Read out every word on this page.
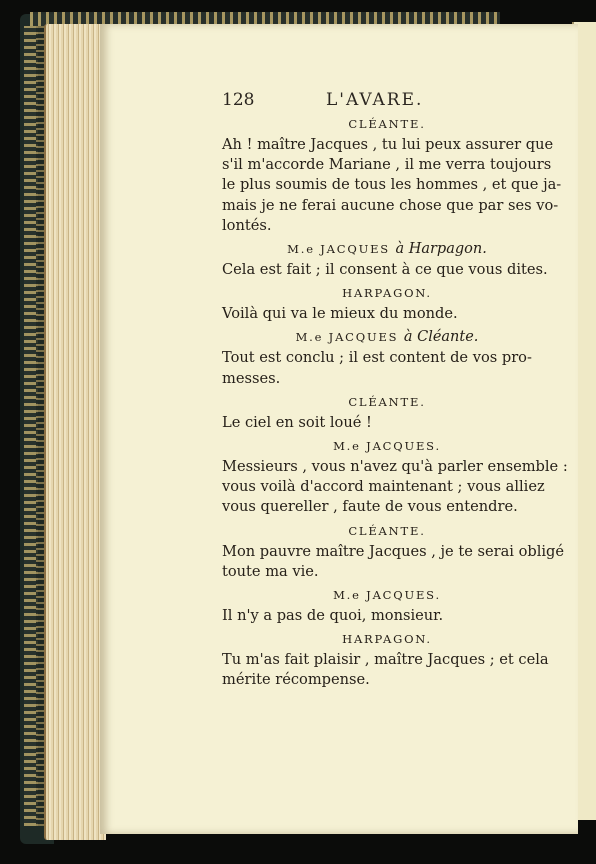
128	L'AVARE.

CLÉANTE.

Ah ! maître Jacques , tu lui peux assurer que
s'il m'accorde Mariane , il me verra toujours
le plus soumis de tous les hommes , et que ja-
mais je ne ferai aucune chose que par ses vo-
lontés.

M.e JACQUES à Harpagon.

Cela est fait ; il consent à ce que vous dites.

HARPAGON.

Voilà qui va le mieux du monde.

M.e JACQUES à Cléante.

Tout est conclu ; il est content de vos pro-
messes.

CLÉANTE.

Le ciel en soit loué !

M.e JACQUES.

Messieurs , vous n'avez qu'à parler ensemble :
vous voilà d'accord maintenant ; vous alliez
vous quereller , faute de vous entendre.

CLÉANTE.

Mon pauvre maître Jacques , je te serai obligé
toute ma vie.

M.e JACQUES.

Il n'y a pas de quoi, monsieur.

HARPAGON.

Tu m'as fait plaisir , maître Jacques ; et cela
mérite récompense.
